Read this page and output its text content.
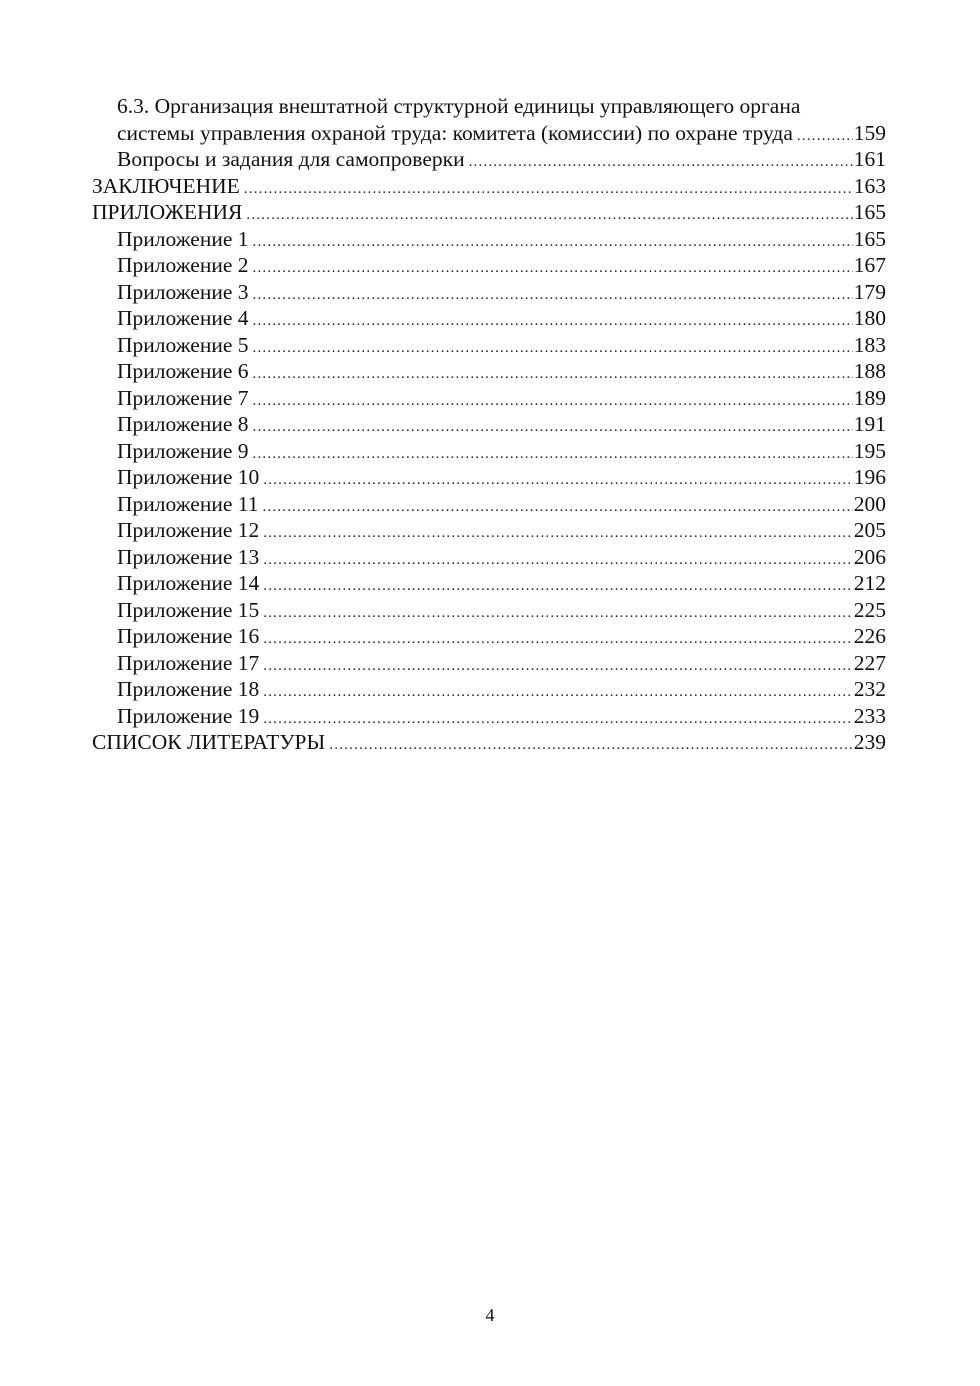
6.3. Организация внештатной структурной единицы управляющего органа
системы управления охраной труда: комитета (комиссии) по охране труда .....	159
Вопросы и задания для самопроверки .....	161
ЗАКЛЮЧЕНИЕ .....	163
ПРИЛОЖЕНИЯ .....	165
Приложение 1 .....	165
Приложение 2 .....	167
Приложение 3 .....	179
Приложение 4 .....	180
Приложение 5 .....	183
Приложение 6 .....	188
Приложение 7 .....	189
Приложение 8 .....	191
Приложение 9 .....	195
Приложение 10 .....	196
Приложение 11 .....	200
Приложение 12 .....	205
Приложение 13 .....	206
Приложение 14 .....	212
Приложение 15 .....	225
Приложение 16 .....	226
Приложение 17 .....	227
Приложение 18 .....	232
Приложение 19 .....	233
СПИСОК ЛИТЕРАТУРЫ .....	239
4
